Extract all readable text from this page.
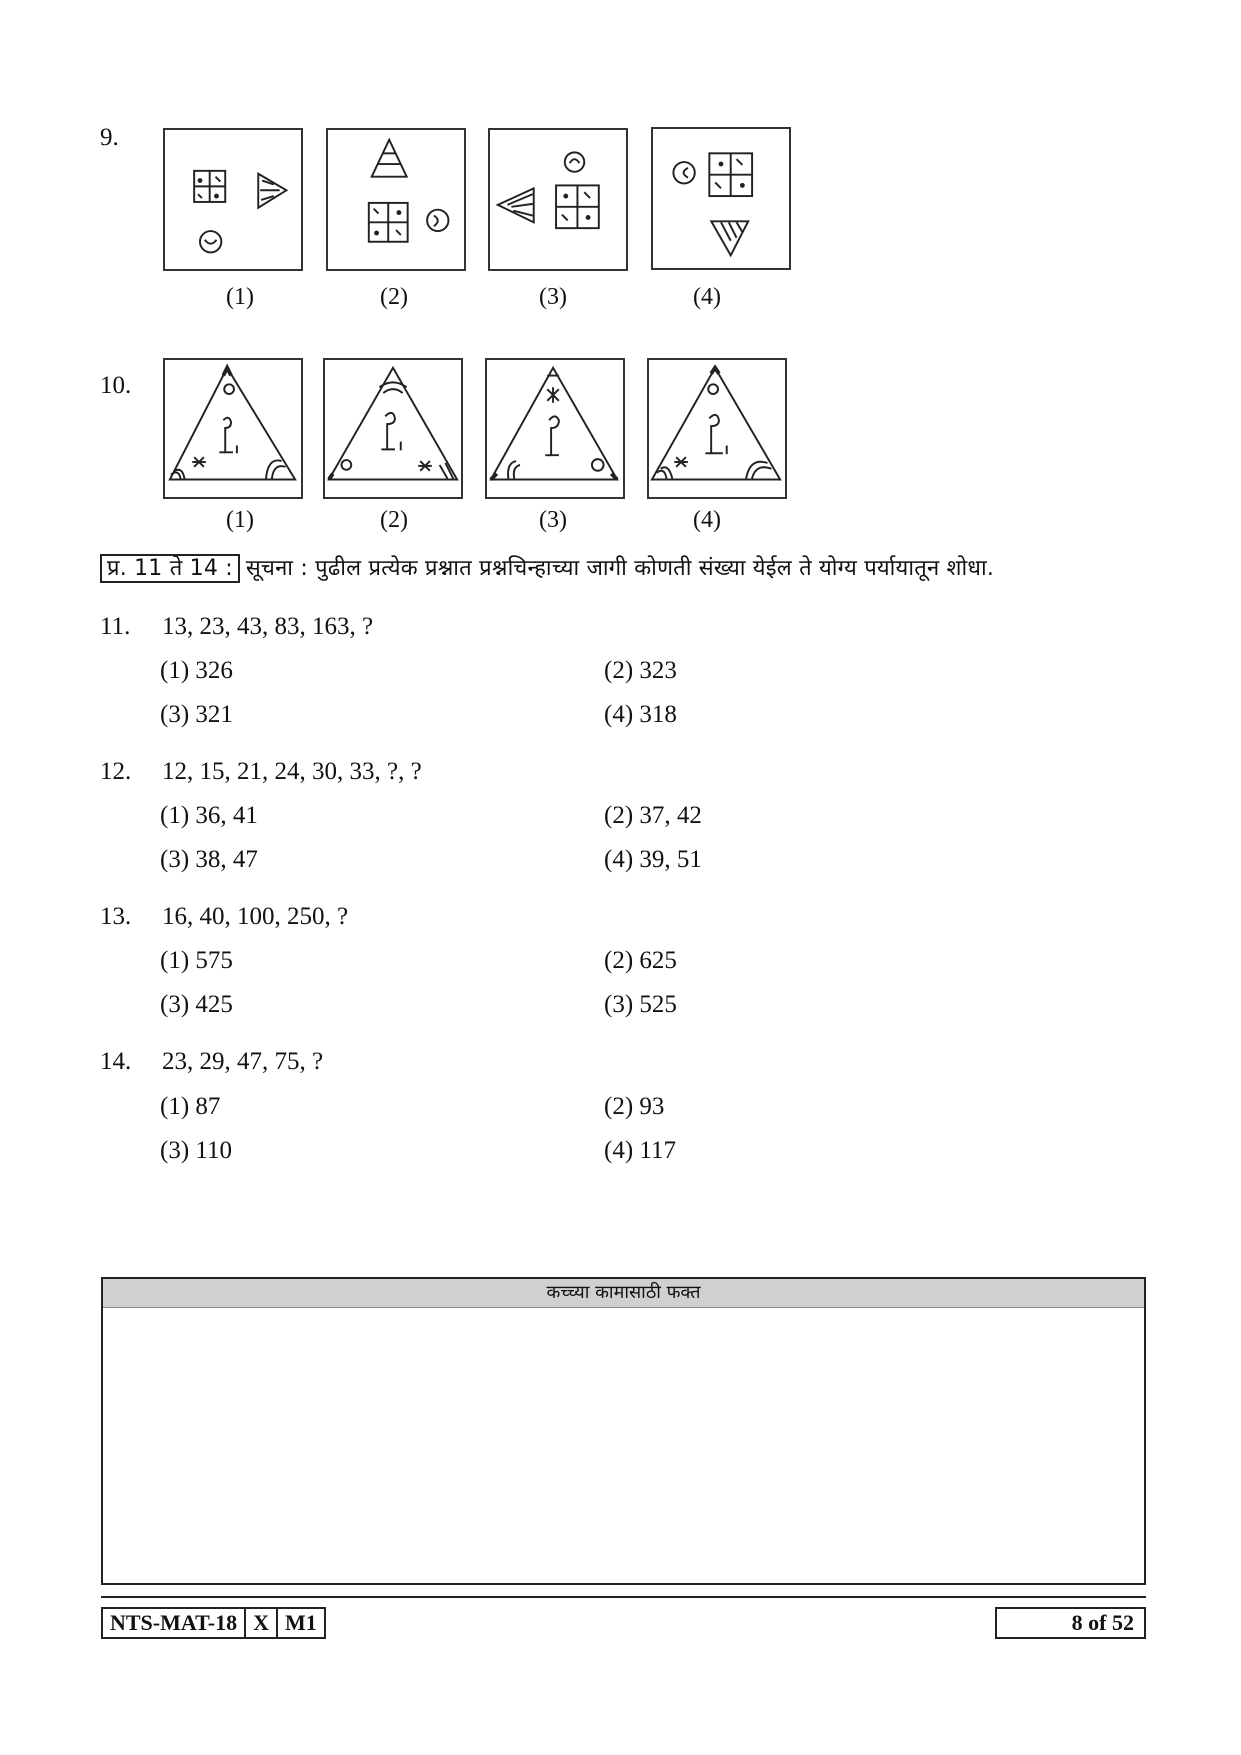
9.
(1)	(2)	(3)	(4)
10.
(1)	(2)	(3)	(4)
प्र. 11 ते 14 : सूचना : पुढील प्रत्येक प्रश्नात प्रश्नचिन्हाच्या जागी कोणती संख्या येईल ते योग्य पर्यायातून शोधा.
11. 13, 23, 43, 83, 163, ?
(1) 326	(2) 323
(3) 321	(4) 318
12. 12, 15, 21, 24, 30, 33, ?, ?
(1) 36, 41	(2) 37, 42
(3) 38, 47	(4) 39, 51
13. 16, 40, 100, 250, ?
(1) 575	(2) 625
(3) 425	(3) 525
14. 23, 29, 47, 75, ?
(1) 87	(2) 93
(3) 110	(4) 117
कच्च्या कामासाठी फक्त
NTS-MAT-18 X M1	8 of 52
